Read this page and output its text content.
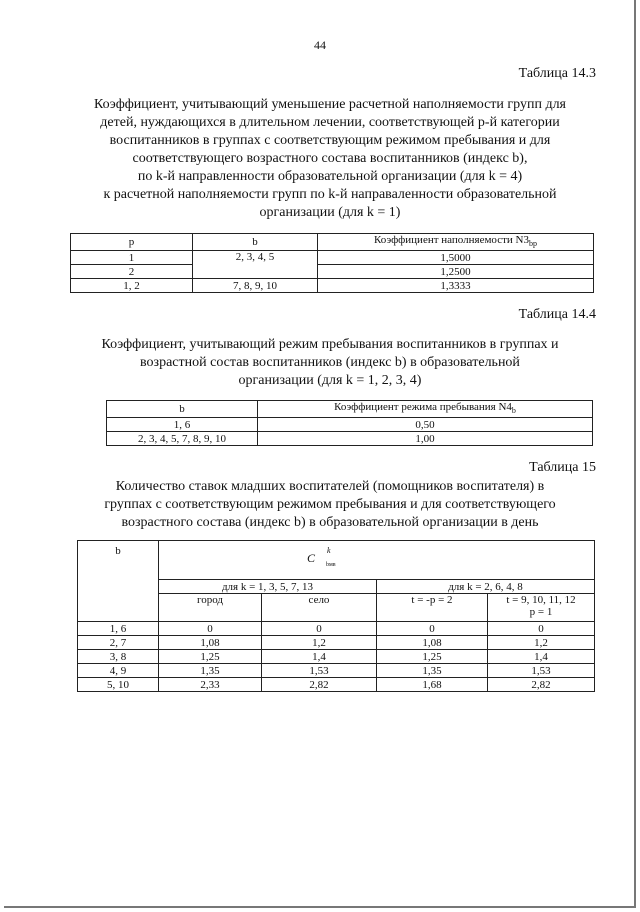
44
Таблица 14.3
Коэффициент, учитывающий уменьшение расчетной наполняемости групп для
детей, нуждающихся в длительном лечении, соответствующей p-й категории
воспитанников в группах с соответствующим режимом пребывания и для
соответствующего возрастного состава воспитанников (индекс b),
по k-й направленности образовательной организации (для k = 4)
к расчетной наполняемости групп по k-й направаленности образовательной
организации (для k = 1)
p	b	Коэффициент наполняемости $N3_{bp}$
1	2, 3, 4, 5	1,5000
2		1,2500
1, 2	7, 8, 9, 10	1,3333
Таблица 14.4
Коэффициент, учитывающий режим пребывания воспитанников в группах и
возрастной состав воспитанников (индекс b) в образовательной
организации (для k = 1, 2, 3, 4)
b	Коэффициент режима пребывания $N4_b$
1, 6	0,50
2, 3, 4, 5, 7, 8, 9, 10	1,00
Таблица 15
Количество ставок младших воспитателей (помощников воспитателя) в
группах с соответствующим режимом пребывания и для соответствующего
возрастного состава (индекс b) в образовательной организации в день
b	C
k
bмв			

	для k = 1, 3, 5, 7, 13		для k = 2, 6, 4, 8	
	город	село	t = -p = 2	t = 9, 10, 11, 12
p = 1

1, 6	0	0	0	0
2, 7	1,08	1,2	1,08	1,2
3, 8	1,25	1,4	1,25	1,4
4, 9	1,35	1,53	1,35	1,53
5, 10	2,33	2,82	1,68	2,82
